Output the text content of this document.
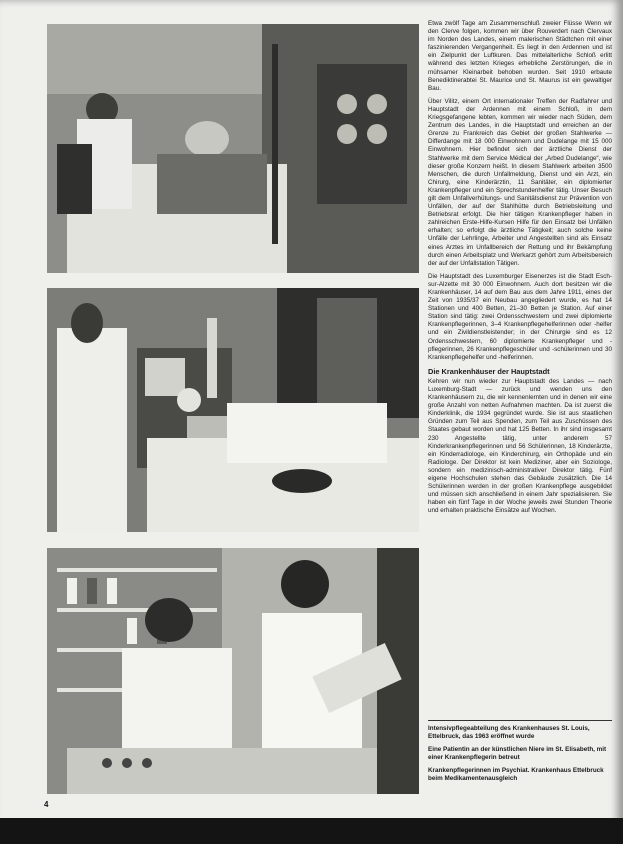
Etwa zwölf Tage am Zusammenschluß zweier Flüsse Wenn wir den Clerve folgen, kommen wir über Rouverdert nach Clervaux im Norden des Landes, einem malerischen Städtchen mit einer faszinierenden Vergangenheit. Es liegt in den Ardennen und ist ein Zielpunkt der Luftkuren. Das mittelalterliche Schloß erlitt während des letzten Krieges erhebliche Zerstörungen, die in mühsamer Kleinarbeit behoben wurden. Seit 1910 erbaute Benediktinerabtei St. Maurice und St. Maurus ist ein gewaltiger Bau.

Über Vilitz, einem Ort internationaler Treffen der Radfahrer und Hauptstadt der Ardennen mit einem Schloß, in dem Kriegsgefangene lebten, kommen wir wieder nach Süden, dem Zentrum des Landes, in die Hauptstadt und erreichen an der Grenze zu Frankreich das Gebiet der großen Stahlwerke — Differdange mit 18 000 Einwohnern und Dudelange mit 15 000 Einwohnern. Hier befindet sich der ärztliche Dienst der Stahlwerke mit dem Service Médical der „Arbed Dudelange“, wie dieser große Konzern heißt. In diesem Stahlwerk arbeiten 3500 Menschen, die durch Unfallmeldung, Dienst und ein Arzt, ein Chirurg, eine Kinderärztin, 11 Sanitäter, ein diplomierter Krankenpfleger und ein Sprechstundenhelfer tätig. Unser Besuch gilt dem Unfallverhütungs- und Sanitätsdienst zur Prävention von Unfällen, der auf der Stahlhütte durch Betriebsleitung und Betriebsrat erfolgt. Die hier tätigen Krankenpfleger haben in zahlreichen Erste-Hilfe-Kursen Hilfe für den Einsatz bei Unfällen erhalten; so erfolgt die ärztliche Tätigkeit; auch solche keine Unfälle der Lehrlinge, Arbeiter und Angestellten sind als Einsatz eines Arztes im Unfallbereich der Rettung und ihr Bekämpfung durch einen Arbeitsplatz und Werkarzt gehört zum Arbeitsbereich der auf der Unfallstation Tätigen.

Die Hauptstadt des Luxemburger Eisenerzes ist die Stadt Esch-sur-Alzette mit 30 000 Einwohnern. Auch dort besitzen wir die Krankenhäuser, 14 auf dem Bau aus dem Jahre 1911, eines der Zeit von 1935/37 ein Neubau angegliedert wurde, es hat 14 Stationen und 400 Betten, 21–30 Betten je Station. Auf einer Station sind tätig: zwei Ordensschwestern und zwei diplomierte Krankenpflegerinnen, 3–4 Krankenpflegehelferinnen oder -helfer und ein Zivildienstleistender; in der Chirurgie sind es 12 Ordensschwestern, 60 diplomierte Krankenpfleger und -pflegerinnen, 26 Krankenpflegeschüler und -schülerinnen und 30 Krankenpflegehelfer und -helferinnen.

Die Krankenhäuser der Hauptstadt

Kehren wir nun wieder zur Hauptstadt des Landes — nach Luxemburg-Stadt — zurück und wenden uns den Krankenhäusern zu, die wir kennenlernten und in denen wir eine große Anzahl von netten Aufnahmen machten. Da ist zuerst die Kinderklinik, die 1934 gegründet wurde. Sie ist aus staatlichen Gründen zum Teil aus Spenden, zum Teil aus Zuschüssen des Staates gebaut worden und hat 125 Betten. In ihr sind insgesamt 230 Angestellte tätig, unter anderem 57 Kinderkrankenpflegerinnen und 56 Schülerinnen, 18 Kinderärzte, ein Kinderradiologe, ein Kinderchirurg, ein Orthopäde und ein Radiologe. Der Direktor ist kein Mediziner, aber ein Soziologe, sondern ein medizinisch-administrativer Direktor tätig. Fünf eigene Hochschulen stehen das Gebäude zusätzlich. Die 14 Schülerinnen werden in der großen Krankenpflege ausgebildet und müssen sich anschließend in einem Jahr spezialisieren. Sie haben ein fünf Tage in der Woche jeweils zwei Stunden Theorie und erhalten praktische Einsätze auf Wochen.

Intensivpflegeabteilung des Krankenhauses St. Louis, Ettelbruck, das 1963 eröffnet wurde

Eine Patientin an der künstlichen Niere im St. Elisabeth, mit einer Krankenpflegerin betreut

Krankenpflegerinnen im Psychiat. Krankenhaus Ettelbruck beim Medikamentenausgleich

4
